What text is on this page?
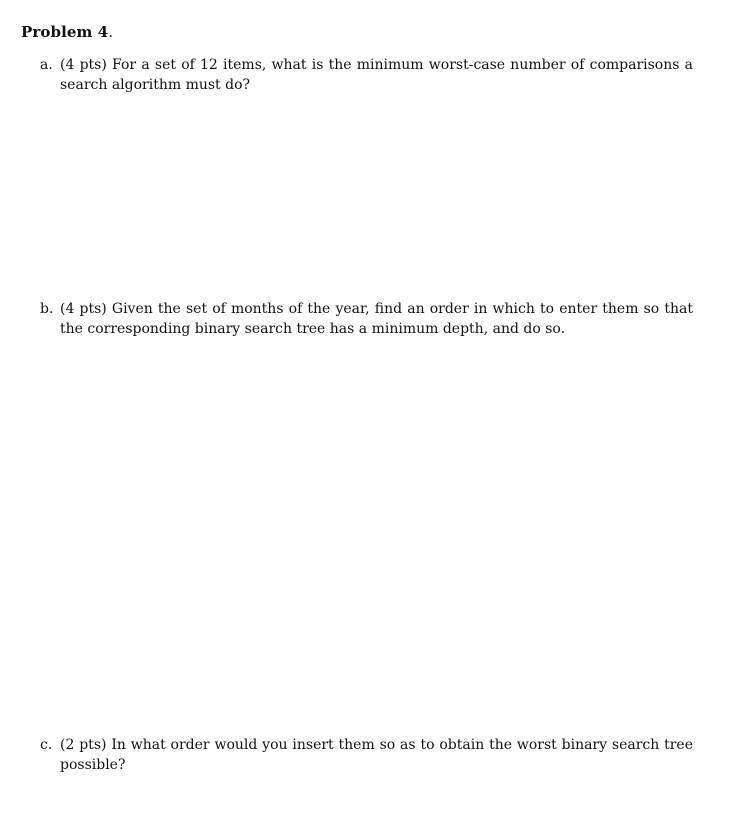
Problem 4.
a. (4 pts) For a set of 12 items, what is the minimum worst-case number of comparisons a search algorithm must do?
b. (4 pts) Given the set of months of the year, find an order in which to enter them so that the corresponding binary search tree has a minimum depth, and do so.
c. (2 pts) In what order would you insert them so as to obtain the worst binary search tree possible?
